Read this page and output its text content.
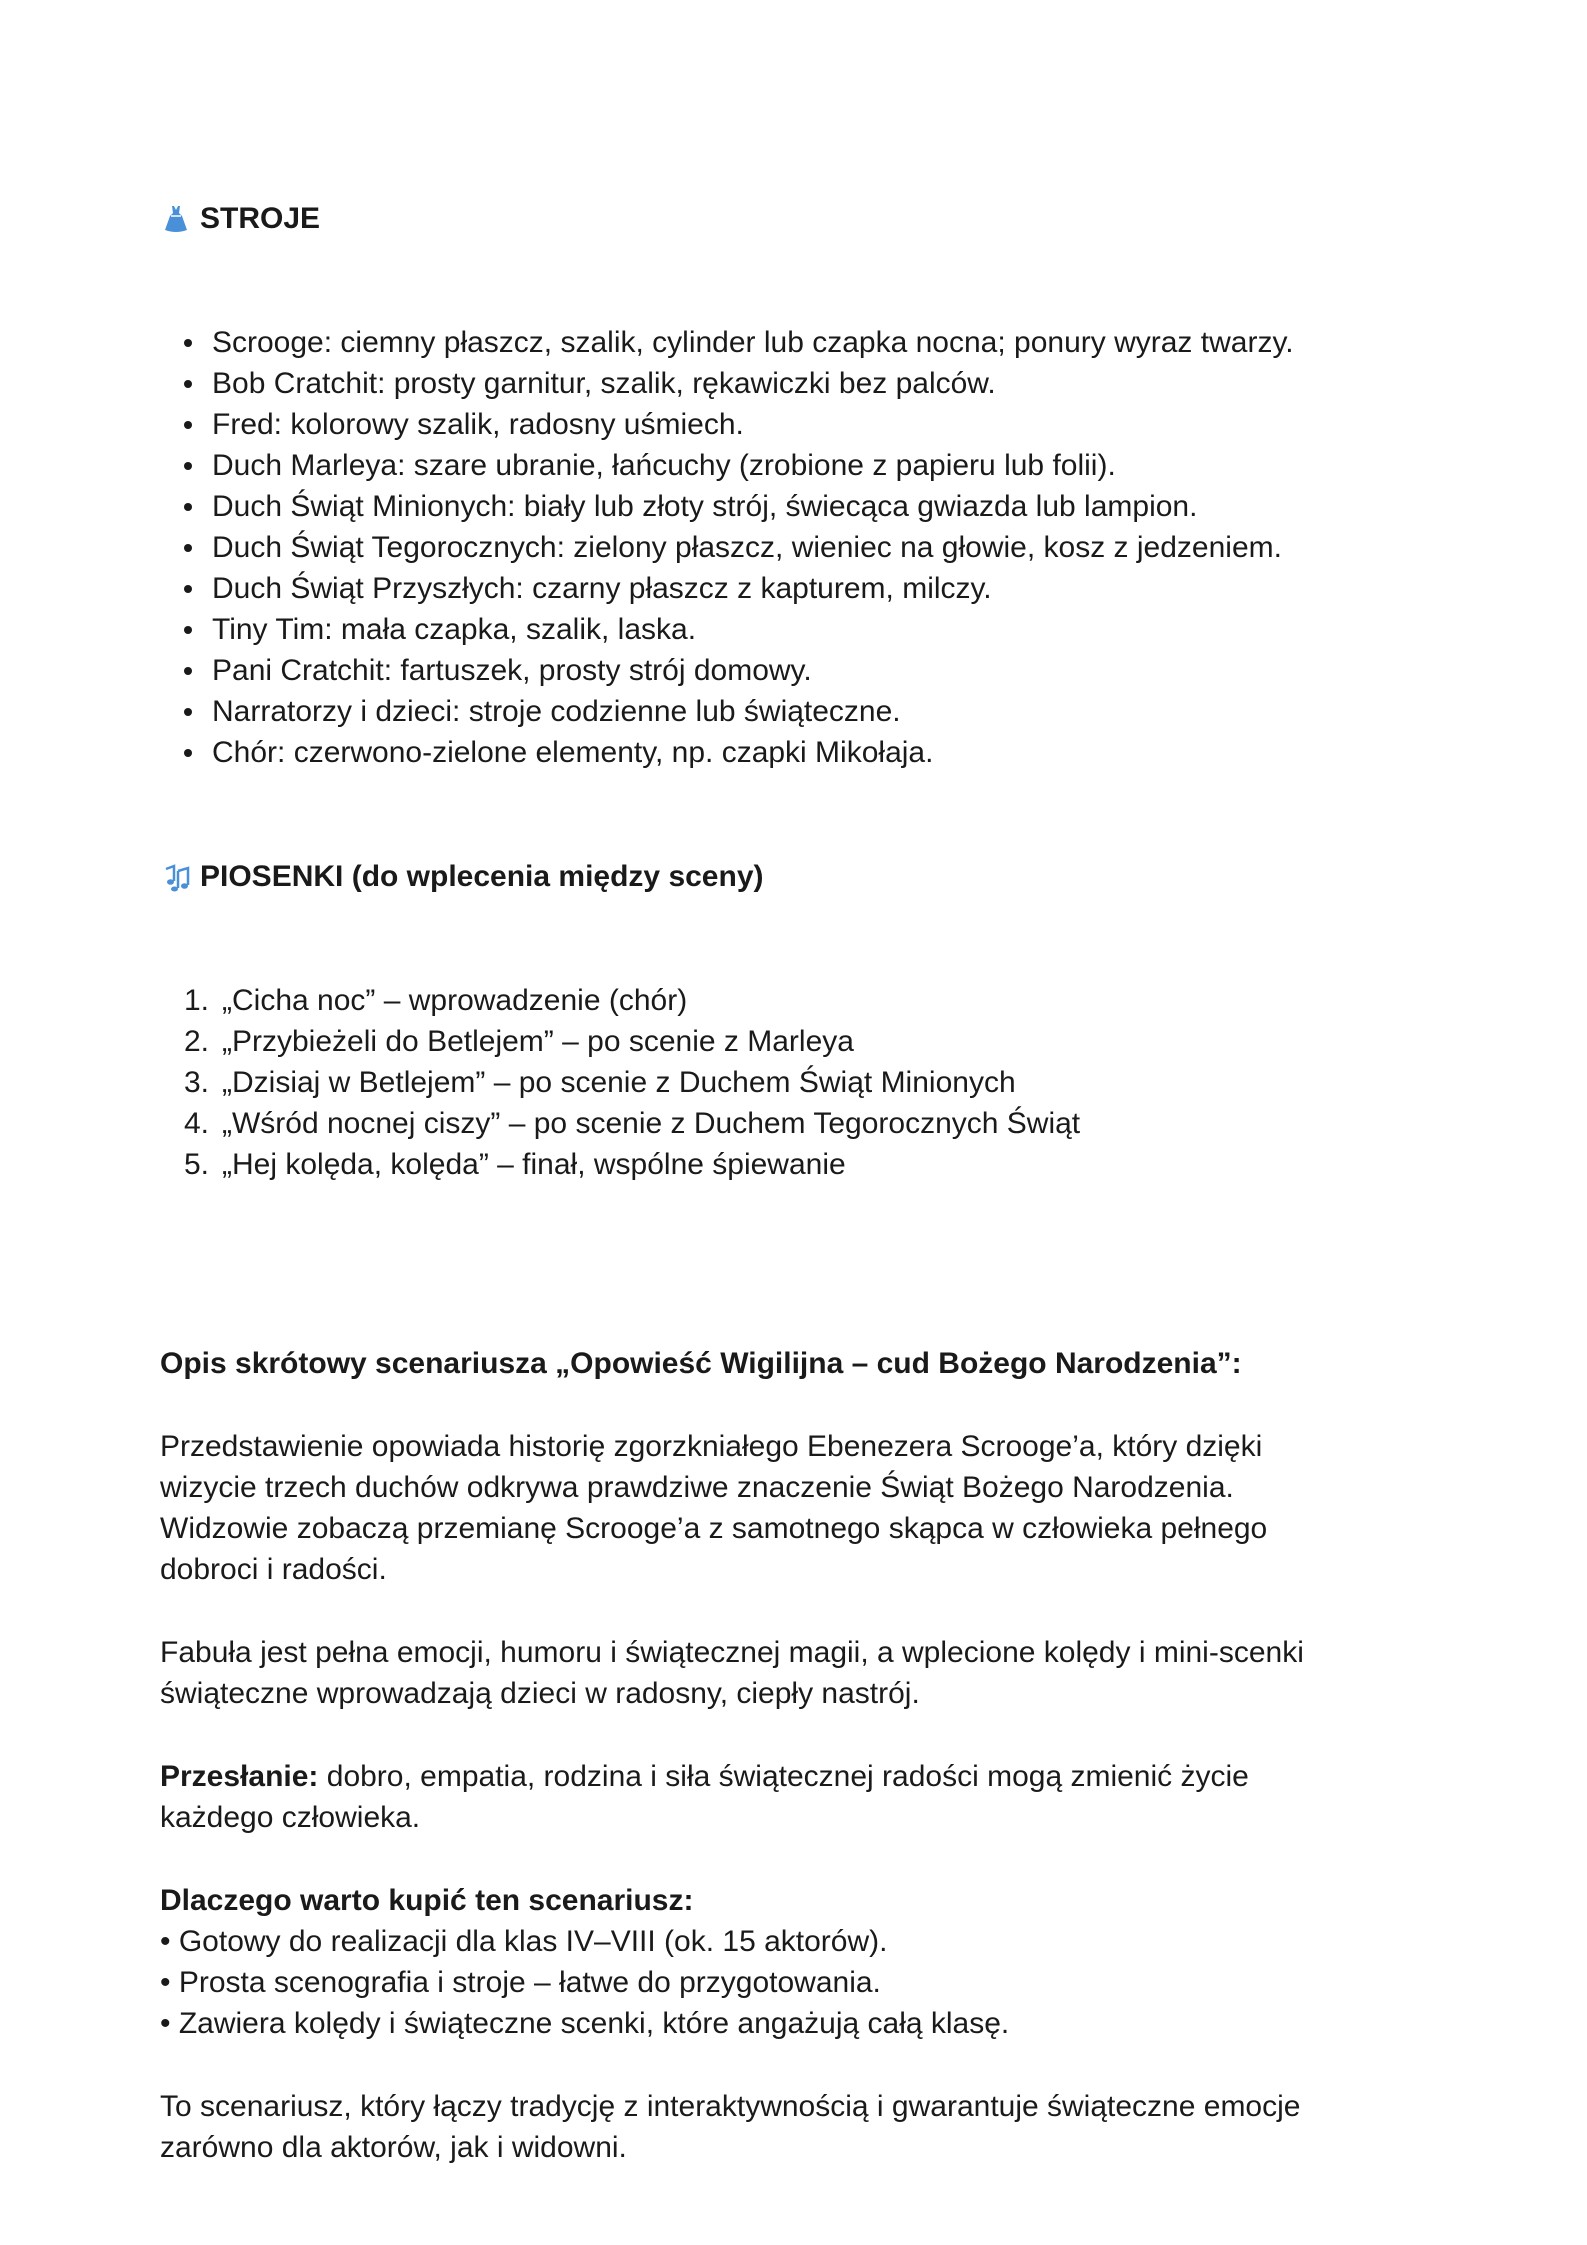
STROJE
Scrooge: ciemny płaszcz, szalik, cylinder lub czapka nocna; ponury wyraz twarzy.
Bob Cratchit: prosty garnitur, szalik, rękawiczki bez palców.
Fred: kolorowy szalik, radosny uśmiech.
Duch Marleya: szare ubranie, łańcuchy (zrobione z papieru lub folii).
Duch Świąt Minionych: biały lub złoty strój, świecąca gwiazda lub lampion.
Duch Świąt Tegorocznych: zielony płaszcz, wieniec na głowie, kosz z jedzeniem.
Duch Świąt Przyszłych: czarny płaszcz z kapturem, milczy.
Tiny Tim: mała czapka, szalik, laska.
Pani Cratchit: fartuszek, prosty strój domowy.
Narratorzy i dzieci: stroje codzienne lub świąteczne.
Chór: czerwono-zielone elementy, np. czapki Mikołaja.
PIOSENKI (do wplecenia między sceny)
1. „Cicha noc” – wprowadzenie (chór)
2. „Przybieżeli do Betlejem” – po scenie z Marleya
3. „Dzisiaj w Betlejem” – po scenie z Duchem Świąt Minionych
4. „Wśród nocnej ciszy” – po scenie z Duchem Tegorocznych Świąt
5. „Hej kolęda, kolęda” – finał, wspólne śpiewanie

Opis skrótowy scenariusza „Opowieść Wigilijna – cud Bożego Narodzenia”:

Przedstawienie opowiada historię zgorzkniałego Ebenezera Scrooge’a, który dzięki
wizycie trzech duchów odkrywa prawdziwe znaczenie Świąt Bożego Narodzenia.
Widzowie zobaczą przemianę Scrooge’a z samotnego skąpca w człowieka pełnego
dobroci i radości.

Fabuła jest pełna emocji, humoru i świątecznej magii, a wplecione kolędy i mini-scenki
świąteczne wprowadzają dzieci w radosny, ciepły nastrój.

Przesłanie: dobro, empatia, rodzina i siła świątecznej radości mogą zmienić życie
każdego człowieka.

Dlaczego warto kupić ten scenariusz:
• Gotowy do realizacji dla klas IV–VIII (ok. 15 aktorów).
• Prosta scenografia i stroje – łatwe do przygotowania.
• Zawiera kolędy i świąteczne scenki, które angażują całą klasę.

To scenariusz, który łączy tradycję z interaktywnością i gwarantuje świąteczne emocje
zarówno dla aktorów, jak i widowni.
